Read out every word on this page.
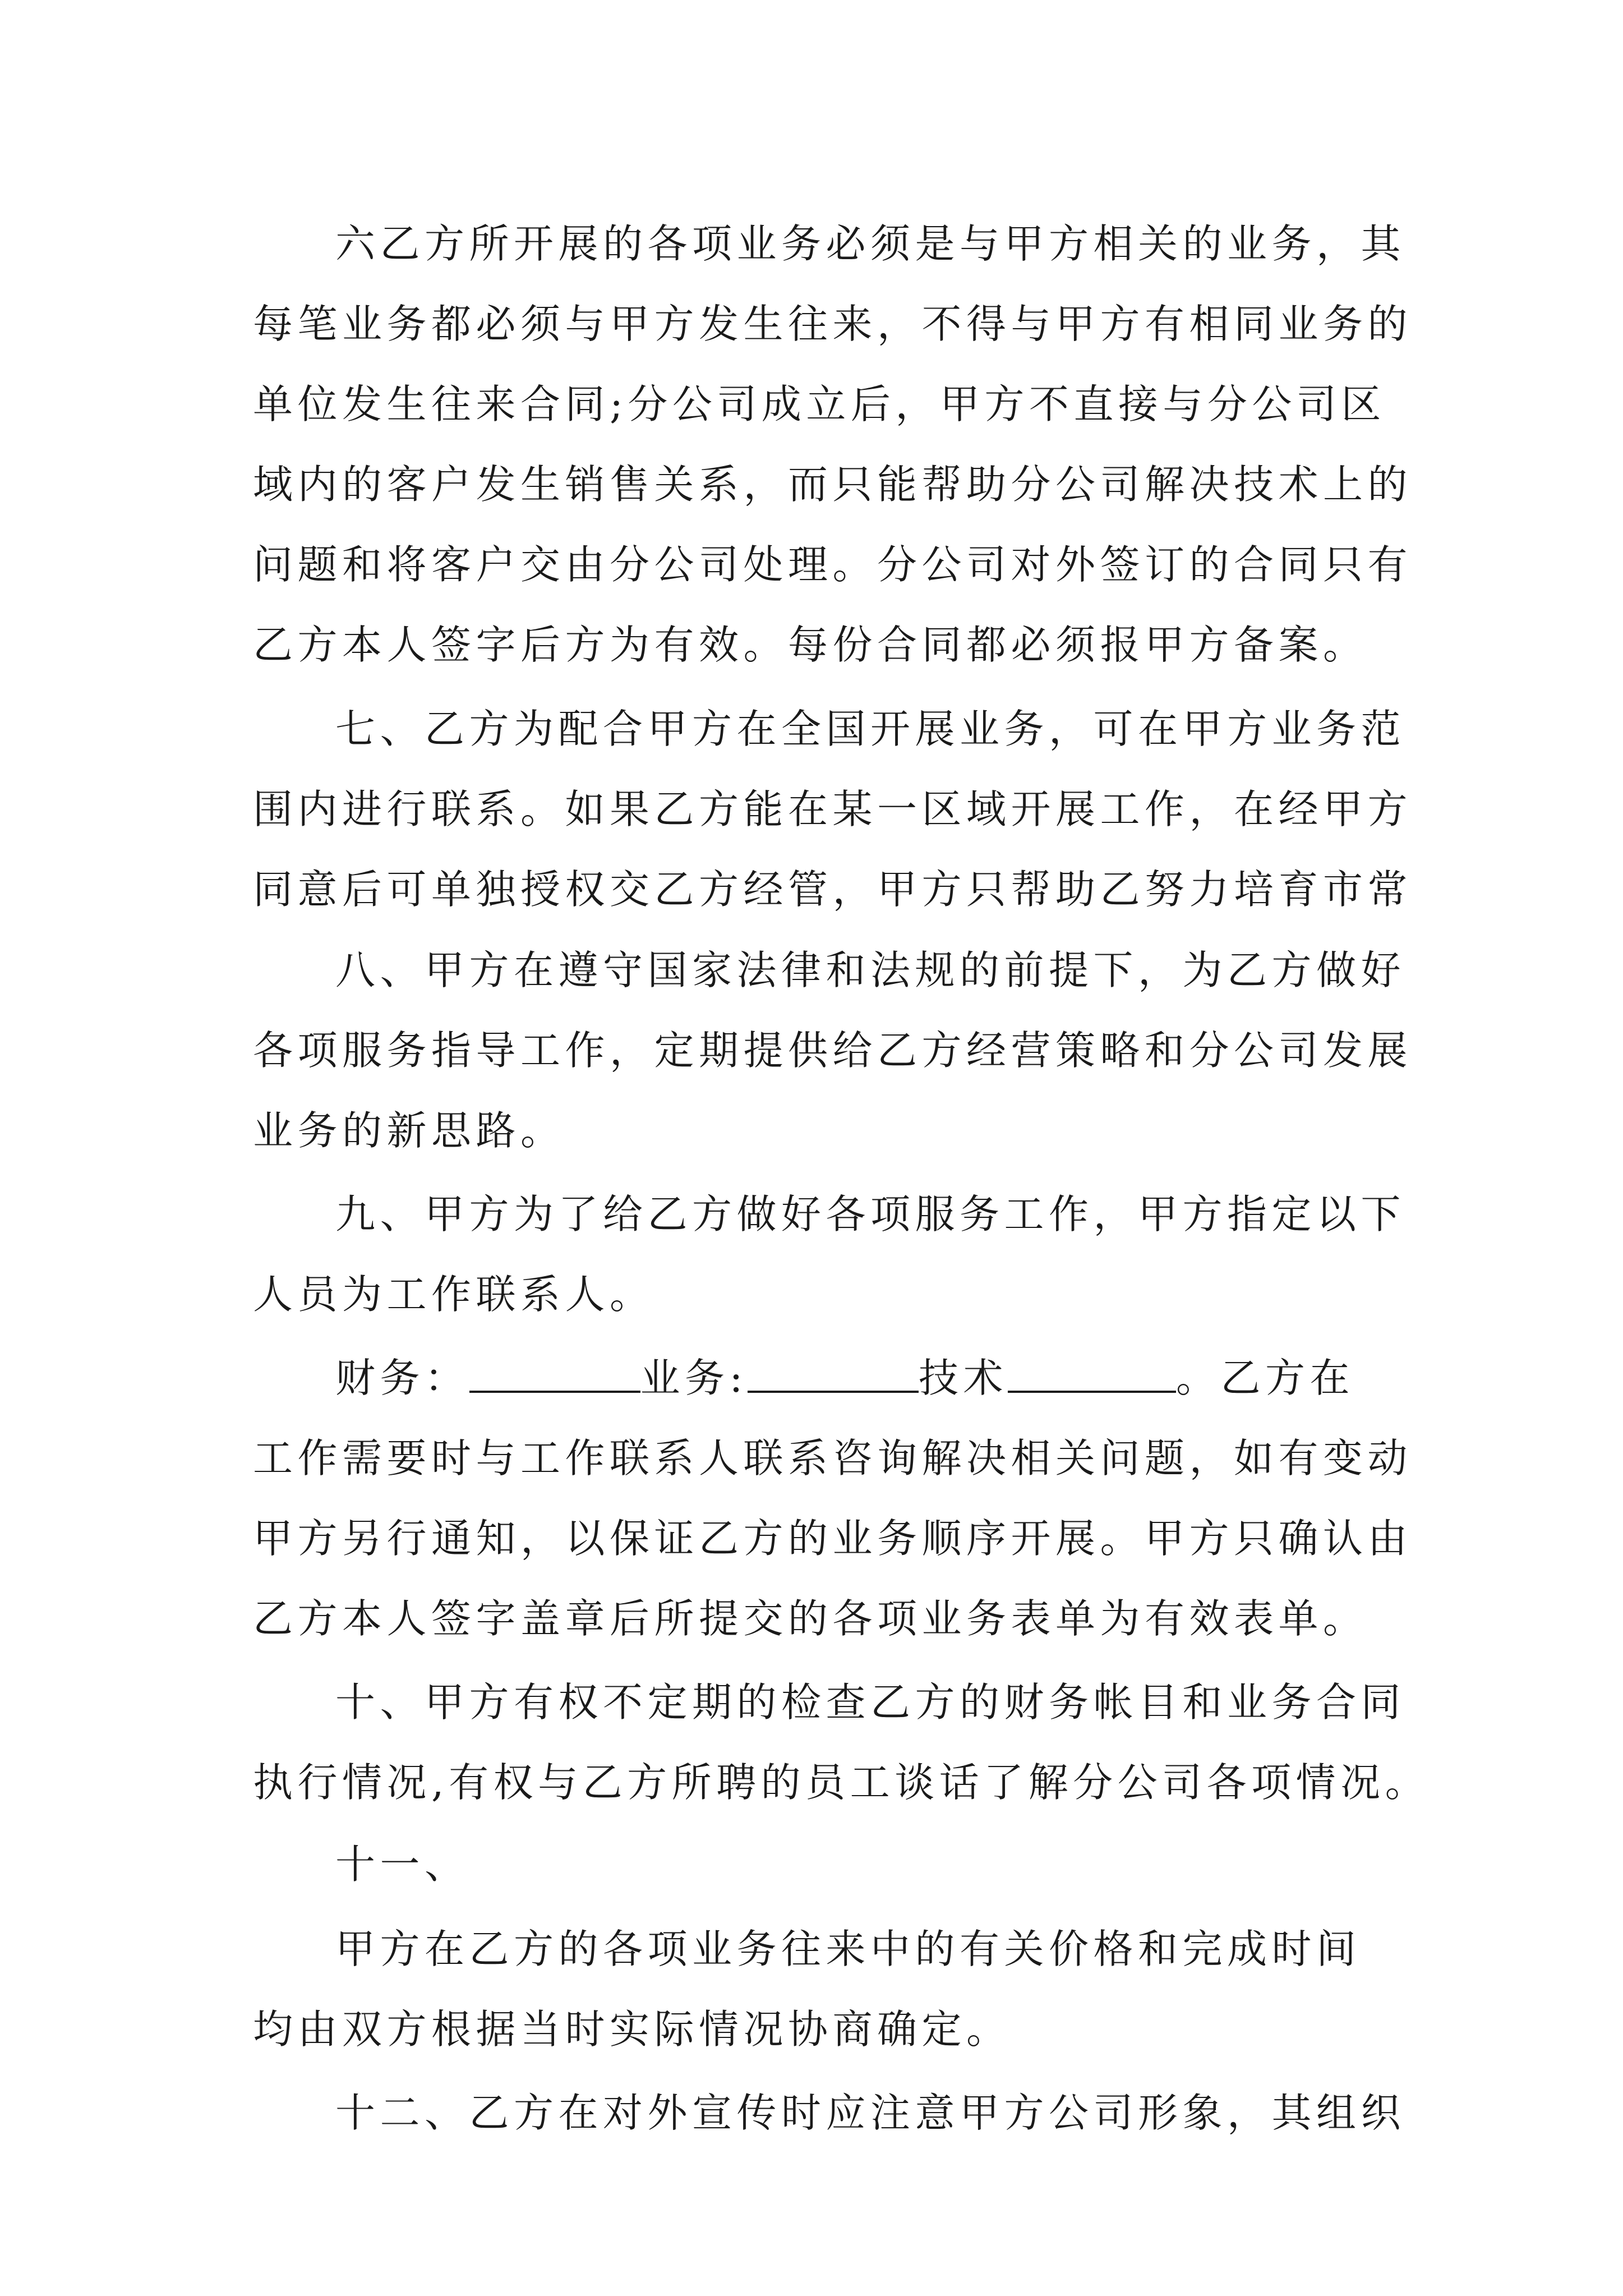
六乙方所开展的各项业务必须是与甲方相关的业务，其
每笔业务都必须与甲方发生往来，不得与甲方有相同业务的
单位发生往来合同;分公司成立后，甲方不直接与分公司区
域内的客户发生销售关系，而只能帮助分公司解决技术上的
问题和将客户交由分公司处理。分公司对外签订的合同只有
乙方本人签字后方为有效。每份合同都必须报甲方备案。
七、乙方为配合甲方在全国开展业务，可在甲方业务范
围内进行联系。如果乙方能在某一区域开展工作，在经甲方
同意后可单独授权交乙方经管，甲方只帮助乙努力培育市常
八、甲方在遵守国家法律和法规的前提下，为乙方做好
各项服务指导工作，定期提供给乙方经营策略和分公司发展
业务的新思路。
九、甲方为了给乙方做好各项服务工作，甲方指定以下
人员为工作联系人。
财务：	业务:	技术	。乙方在
工作需要时与工作联系人联系咨询解决相关问题，如有变动
甲方另行通知，以保证乙方的业务顺序开展。甲方只确认由
乙方本人签字盖章后所提交的各项业务表单为有效表单。
十、甲方有权不定期的检查乙方的财务帐目和业务合同
执行情况,有权与乙方所聘的员工谈话了解分公司各项情况。
十一、
甲方在乙方的各项业务往来中的有关价格和完成时间
均由双方根据当时实际情况协商确定。
十二、乙方在对外宣传时应注意甲方公司形象，其组织
